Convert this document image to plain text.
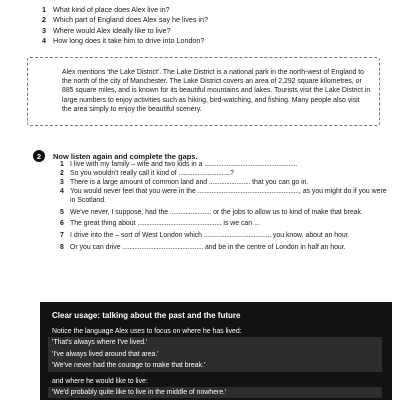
1 What kind of place does Alex live in?
2 Which part of England does Alex say he lives in?
3 Where would Alex ideally like to live?
4 How long does it take him to drive into London?

Alex mentions 'the Lake District'. The Lake District is a national park in the north-west of England to the north of the city of Manchester. The Lake District covers an area of 2,292 square kilometres, or 885 square miles, and is known for its beautiful mountains and lakes. Tourists visit the Lake District in large numbers to enjoy activities such as hiking, bird-watching, and fishing. Many people also visit the area simply to enjoy the beautiful scenery.

2	Now listen again and complete the gaps.
1 I live with my family – wife and two kids in a ......................................................
2 So you wouldn't really call it kind of ..............................?
3 There is a large amount of common land and ........................ that you can go in.
4 You would never feel that you were in the ..........................................................., as you might do if you were in Scotland.
5 We've never, I suppose, had the ........................ or the jobs to allow us to kind of make that break.
6 The great thing about ................................................. is we can ...
7 I drive into the – sort of West London which ......................................, you know, about an hour.
8 Or you can drive ............................................... and be in the centre of London in half an hour.
Clear usage: talking about the past and the future

Notice the language Alex uses to focus on where he has lived:

'That's always where I've lived.'

'I've always lived around that area.'

'We've never had the courage to make that break.'

and where he would like to live:

'We'd probably quite like to live in the middle of nowhere.'
